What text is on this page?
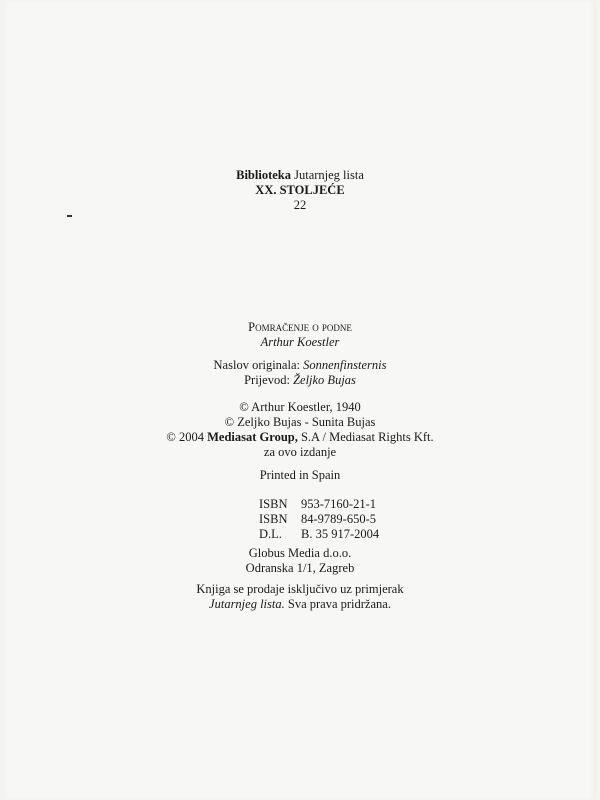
Biblioteka Jutarnjeg lista
XX. STOLJEĆE
22
Pomračenje o podne
Arthur Koestler
Naslov originala: Sonnenfinsternis
Prijevod: Željko Bujas
© Arthur Koestler, 1940
© Zeljko Bujas - Sunita Bujas
© 2004 Mediasat Group, S.A / Mediasat Rights Kft.
za ovo izdanje
Printed in Spain
ISBN	953-7160-21-1
ISBN	84-9789-650-5
D.L.	B. 35 917-2004
Globus Media d.o.o.
Odranska 1/1, Zagreb
Knjiga se prodaje isključivo uz primjerak
Jutarnjeg lista. Sva prava pridržana.
